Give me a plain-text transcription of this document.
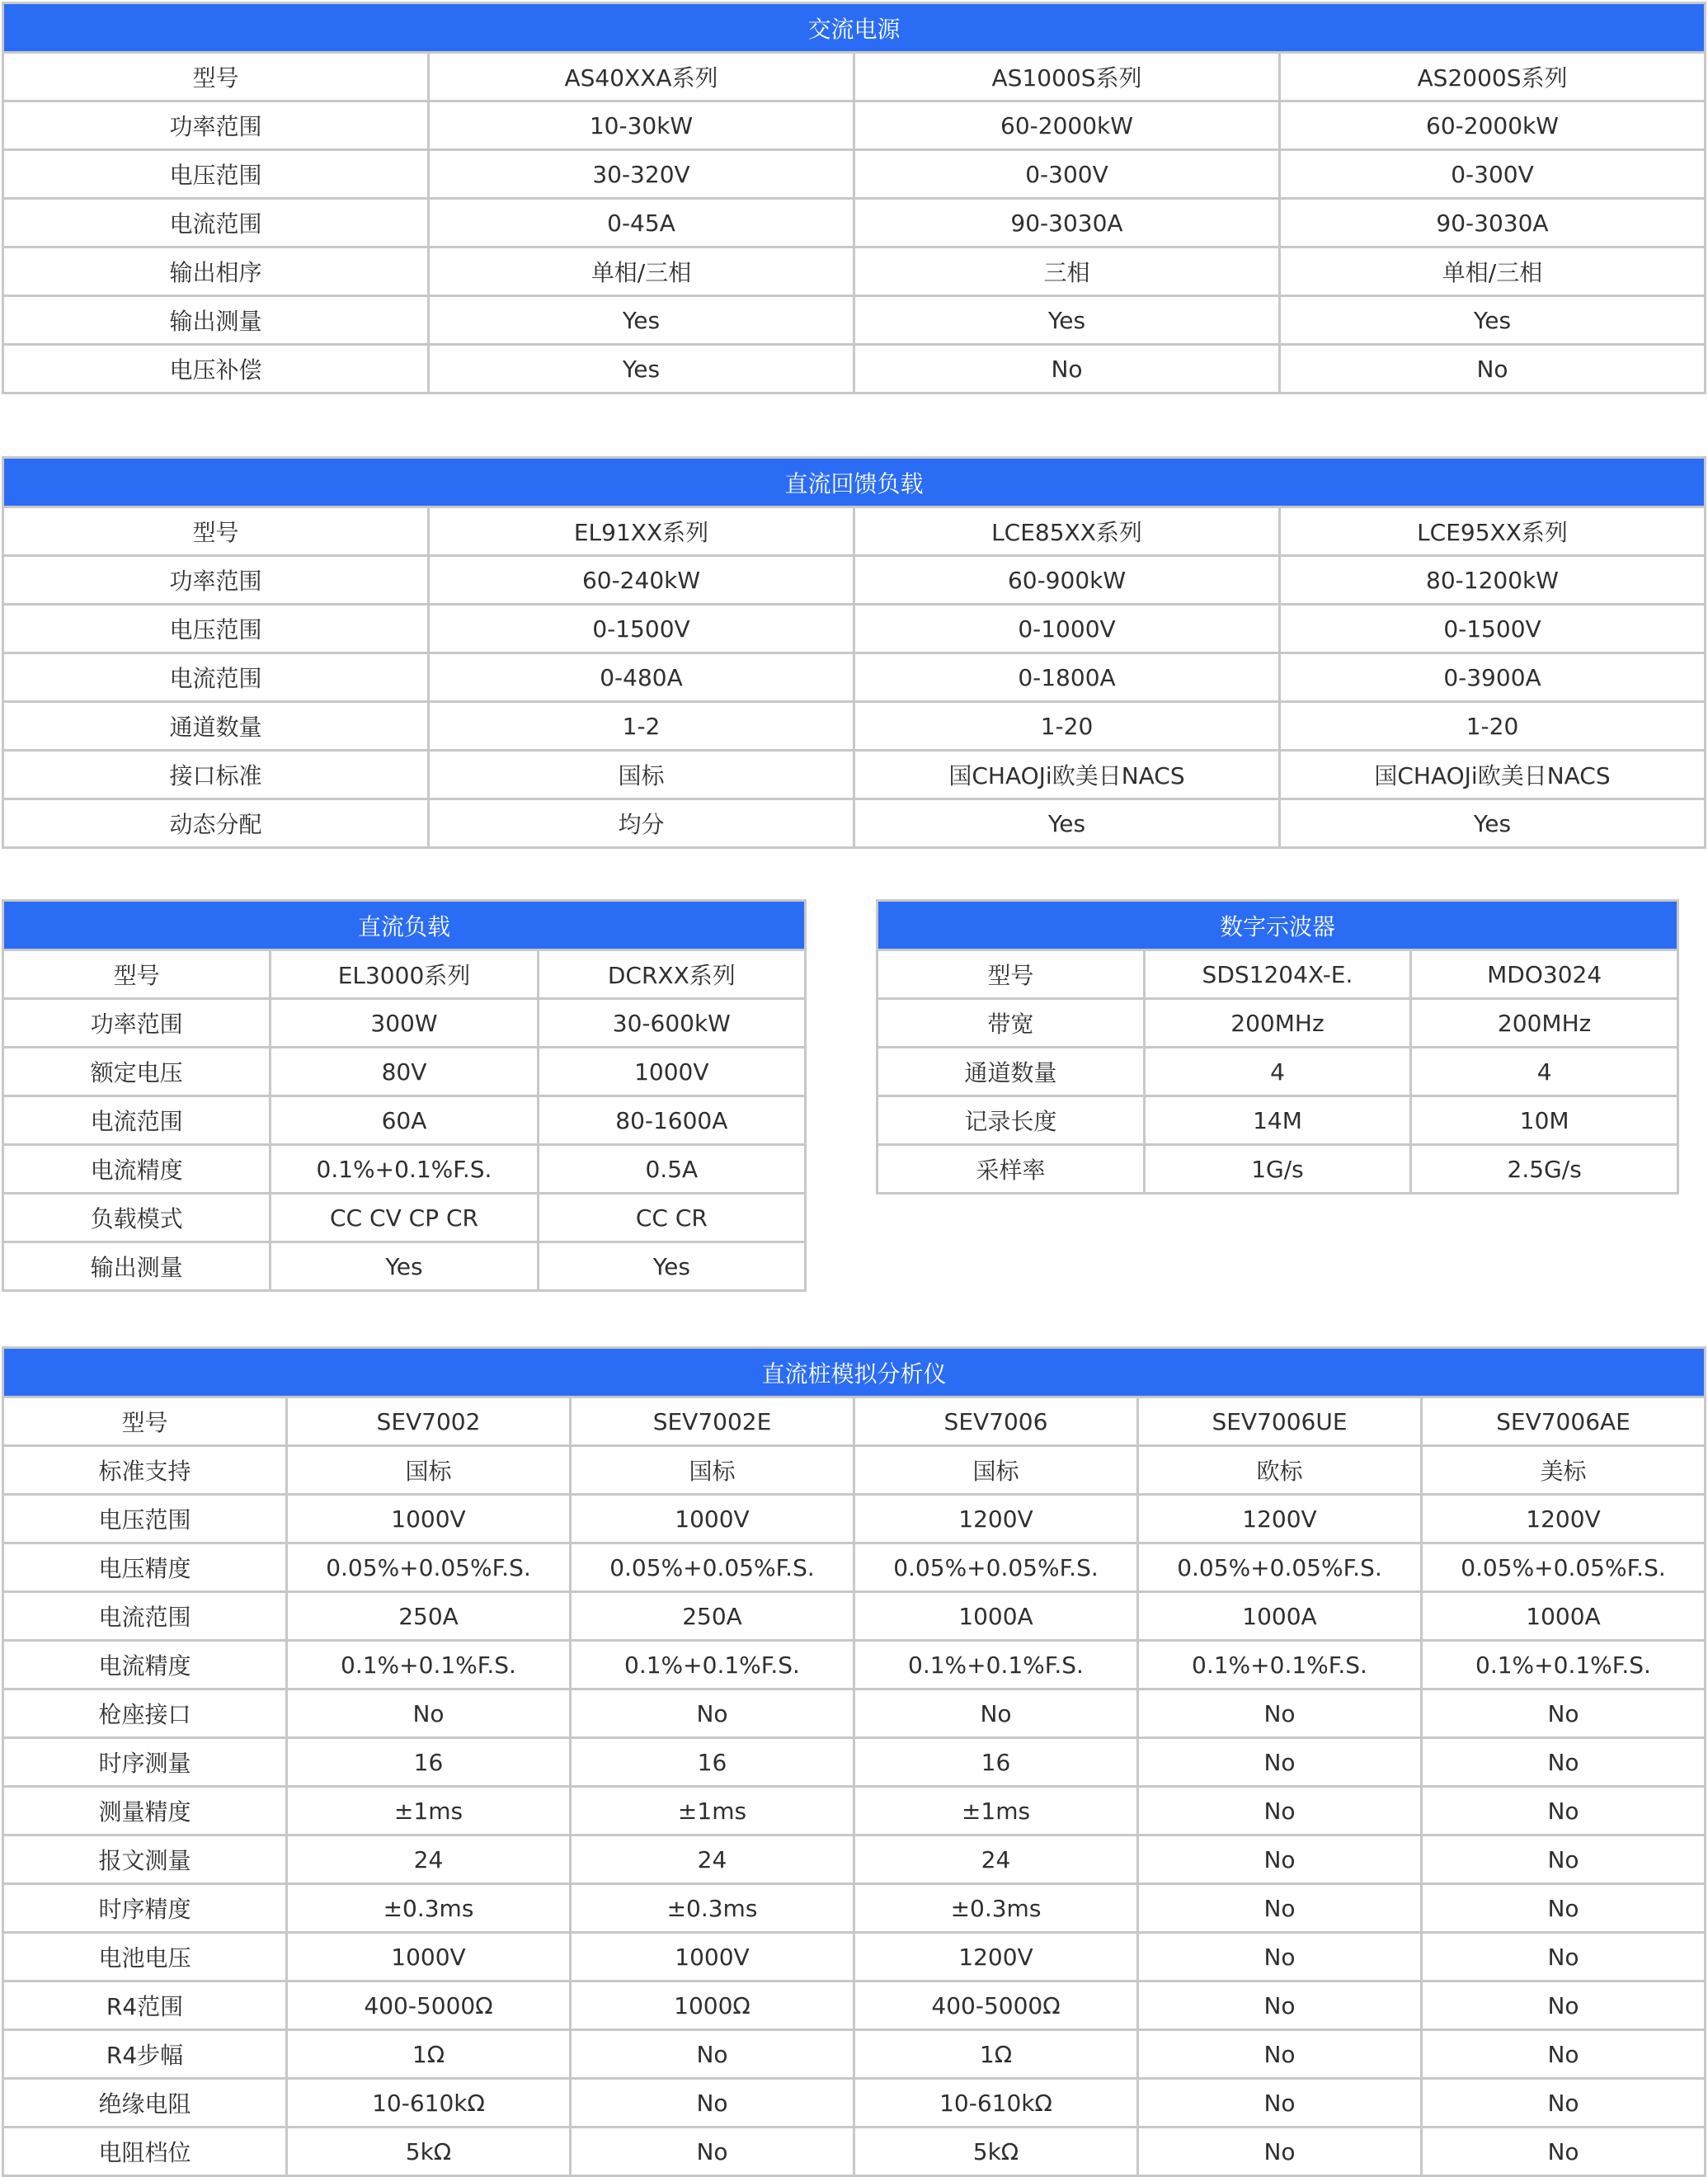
交流电源			
型号	AS40XXA系列	AS1000S系列	AS2000S系列
功率范围	10-30kW	60-2000kW	60-2000kW
电压范围	30-320V	0-300V	0-300V
电流范围	0-45A	90-3030A	90-3030A
输出相序	单相/三相	三相	单相/三相
输出测量	Yes	Yes	Yes
电压补偿	Yes	No	No
直流回馈负载			
型号	EL91XX系列	LCE85XX系列	LCE95XX系列
功率范围	60-240kW	60-900kW	80-1200kW
电压范围	0-1500V	0-1000V	0-1500V
电流范围	0-480A	0-1800A	0-3900A
通道数量	1-2	1-20	1-20
接口标准	国标	国CHAOJi欧美日NACS	国CHAOJi欧美日NACS
动态分配	均分	Yes	Yes
直流负载		
型号	EL3000系列	DCRXX系列
功率范围	300W	30-600kW
额定电压	80V	1000V
电流范围	60A	80-1600A
电流精度	0.1%+0.1%F.S.	0.5A
负载模式	CC CV CP CR	CC CR
输出测量	Yes	Yes
数字示波器		
型号	SDS1204X-E.	MDO3024
带宽	200MHz	200MHz
通道数量	4	4
记录长度	14M	10M
采样率	1G/s	2.5G/s
直流桩模拟分析仪					
型号	SEV7002	SEV7002E	SEV7006	SEV7006UE	SEV7006AE
标准支持	国标	国标	国标	欧标	美标
电压范围	1000V	1000V	1200V	1200V	1200V
电压精度	0.05%+0.05%F.S.	0.05%+0.05%F.S.	0.05%+0.05%F.S.	0.05%+0.05%F.S.	0.05%+0.05%F.S.
电流范围	250A	250A	1000A	1000A	1000A
电流精度	0.1%+0.1%F.S.	0.1%+0.1%F.S.	0.1%+0.1%F.S.	0.1%+0.1%F.S.	0.1%+0.1%F.S.
枪座接口	No	No	No	No	No
时序测量	16	16	16	No	No
测量精度	±1ms	±1ms	±1ms	No	No
报文测量	24	24	24	No	No
时序精度	±0.3ms	±0.3ms	±0.3ms	No	No
电池电压	1000V	1000V	1200V	No	No
R4范围	400-5000Ω	1000Ω	400-5000Ω	No	No
R4步幅	1Ω	No	1Ω	No	No
绝缘电阻	10-610kΩ	No	10-610kΩ	No	No
电阻档位	5kΩ	No	5kΩ	No	No
